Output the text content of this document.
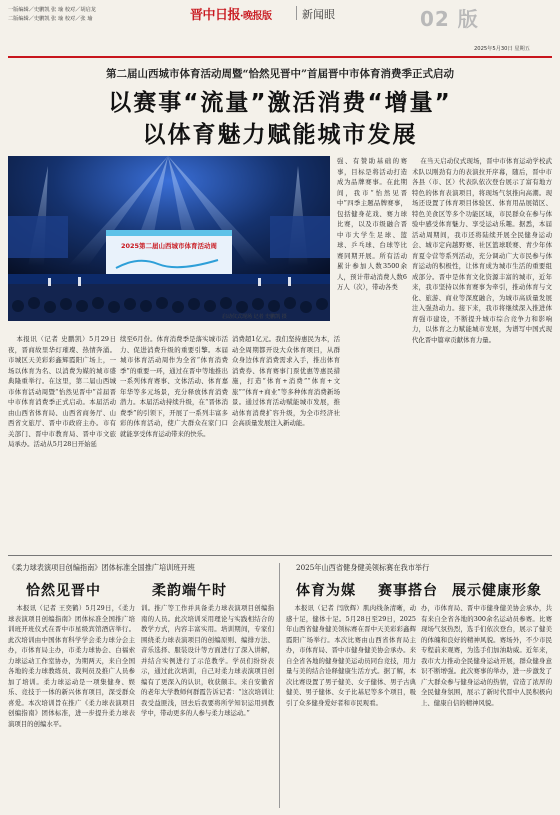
一版编辑／史鹏凯 张 瑜 校对／胡启龙
二版编辑／史鹏凯 张 瑜 校对／张 瑜	晋中日报·晚报版	新闻眼	02 版
2025年5月30日 星期五
第二届山西城市体育活动周暨“恰然见晋中”首届晋中市体育消费季正式启动
以赛事“流量”激活消费“增量”
以体育魅力赋能城市发展
2025第二届山西城市体育活动周
启动仪式现场 记者 史鹏凯 摄

强、有赞助基础的赛事，目标是将活动打造成为品牌赛事。在此期间，我市“怡然见晋中”四季主题品牌赛事，包括健身花戏、赛力球比赛，以及市级融合晋中市大学生足球、篮球、乒乓球、台球等比赛同期开展。所有活动累计参加人数3500余人，预计带动消费人数6万人（次），带动各类

在当天启动仪式现场，晋中市体育运动学校武术队以刚劲有力的表演拉开序幕，随后，晋中市各县（市、区）代表队依次登台展示了富有地方特色的体育表演项目，将现场气氛推向高潮。现场还设置了体育项目体验区、体育用品展销区、特色美食区等多个功能区域，市民群众在参与体验中感受体育魅力、享受运动乐趣。据悉，本届活动周期间，我市还将陆续开展全民健身运动会、城市定向越野赛、社区篮球联赛、青少年体育夏令营等系列活动，充分调动广大市民参与体育运动的积极性，让体育成为城市生活的重要组成部分。晋中是体育文化资源丰富的城市，近年来，我市坚持以体育赛事为牵引，推动体育与文化、旅游、商业等深度融合，为城市高质量发展注入强劲动力。接下来，我市将继续深入推进体育强市建设，不断提升城市综合竞争力和影响力，以体育之力赋能城市发展，为谱写中国式现代化晋中篇章贡献体育力量。

本报讯（记者 史鹏凯）5月29日夜，晋商故里华灯璀璨、热情奔涌。市城区天美彩彩鑫辉霞阳广场上，一场以体育为名、以消费为媒的城市盛典隆重举行。在这里，第二届山西城市体育活动周暨“怡然见晋中”首届晋中市体育消费季正式启动。本届活动由山西省体育局、山西省商务厅、山西省文旅厅、晋中市政府主办。市有关部门、晋中市教育局、晋中市文旅局承办。活动从5月28日开始延

续至6月份。体育消费季是落实城市活力、促进消费升级的重要引擎。本届城市体育活动周作为全省“体育消费季”的重要一环，通过在晋中等地推出一系列体育赛事、文体活动、体育嘉年华等多元场景，充分释放体育消费潜力。本届活动持续升级，在“晋体消费季”的引领下，开展了一系列丰富多彩的体育活动，使广大群众在家门口就能享受体育运动带来的快乐。

消费超1亿元。我们坚持惠民为本，活动全周期都开设大众体育项目，从群众身边体育消费需求入手，推出体育消费券、体育赛事门票优惠等惠民措施，打造“体育+消费”“体育+文旅”“体育+商业”等多种体育消费新场景。通过体育活动赋能城市发展，推动体育消费扩容升级，为全市经济社会高质量发展注入新动能。

《柔力球表演项目创编指南》团体标准全国推广培训班开班
恰然见晋中	柔韵端午时

本报讯（记者 王奕鹤）5月29日，《柔力球表演项目创编指南》团体标准全国推广培训班开班仪式在晋中市星级宾馆酒店举行。此次培训由中国体育科学学会柔力球分会主办，市体育局主办，市柔力球协会、白福索力球运动工作室协办，为期两天，来自全国各地的柔力球教练员、裁判员及推广人员参加了培训。柔力球运动是一项集健身、娱乐、竞技于一体的新兴体育项目，深受群众喜爱。本次培训旨在推广《柔力球表演项目创编指南》团体标准，进一步提升柔力球表演项目的创编水平。

训。推广等工作并具备柔力球表演项目创编指南的人员。此次培训采用理论与实践相结合的教学方式，内容丰富实用。培训期间，专家们围绕柔力球表演项目的创编原则、编排方法、音乐选择、服装设计等方面进行了深入讲解，并结合实例进行了示范教学。学员们纷纷表示，通过此次培训，自己对柔力球表演项目创编有了更深入的认识，收获颇丰。来自安徽省的老年大学教师何群霞告诉记者：“这次培训让我受益匪浅，回去后我要将所学知识运用到教学中，带动更多的人参与柔力球运动。”

2025年山西省健身健美领标赛在我市举行
体育为媒 赛事搭台 展示健康形象

本报讯（记者 闫欣辉）肌肉线条清晰，动感十足，健体十足。5月28日至29日，2025年山西省健身健美领标赛在晋中天美彩彩鑫辉霞阳广场举行。本次比赛由山西省体育局主办，市体育局、晋中市健身健美协会承办。来自全省各地的健身健美运动员同台竞技，用力量与美的结合诠释健康生活方式。据了解，本次比赛设置了男子健美、女子健体、男子古典健美、男子健体、女子比基尼等多个项目，吸引了众多健身爱好者和市民观看。

办，市体育局、晋中市健身健美协会承办，共有来自全省各地的300余名运动员参赛。比赛现场气氛热烈，选手们依次登台，展示了健美的体魄和良好的精神风貌。赛场外，不少市民专程前来观赛，为选手们加油助威。近年来，我市大力推动全民健身运动开展，群众健身意识不断增强。此次赛事的举办，进一步激发了广大群众参与健身运动的热情，营造了浓厚的全民健身氛围，展示了新时代晋中人民积极向上、健康自信的精神风貌。
